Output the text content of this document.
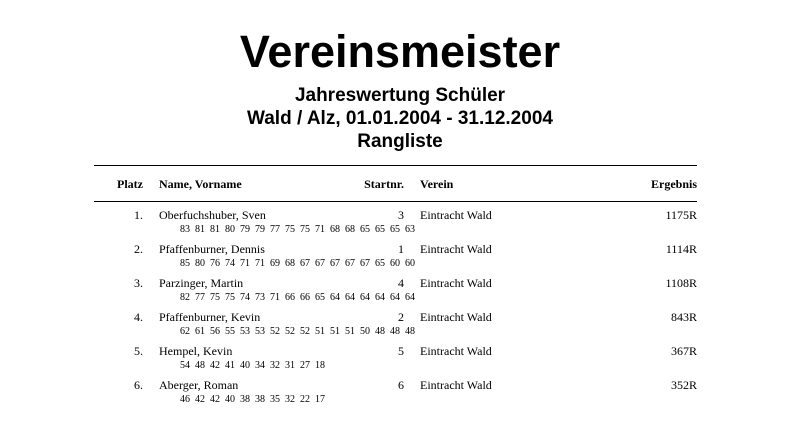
Vereinsmeister
Jahreswertung Schüler
Wald / Alz, 01.01.2004 - 31.12.2004
Rangliste
Platz Name, Vorname	Startnr. Verein	Ergebnis
1. Oberfuchshuber, Sven	3 Eintracht Wald	1175R
83  81  81  80  79  79  77  75  75  71  68  68  65  65  65  63
2. Pfaffenburner, Dennis	1 Eintracht Wald	1114R
85  80  76  74  71  71  69  68  67  67  67  67  67  65  60  60
3. Parzinger, Martin	4 Eintracht Wald	1108R
82  77  75  75  74  73  71  66  66  65  64  64  64  64  64  64
4. Pfaffenburner, Kevin	2 Eintracht Wald	843R
62  61  56  55  53  53  52  52  52  51  51  51  50  48  48  48
5. Hempel, Kevin	5 Eintracht Wald	367R
54  48  42  41  40  34  32  31  27  18
6. Aberger, Roman	6 Eintracht Wald	352R
46  42  42  40  38  38  35  32  22  17
